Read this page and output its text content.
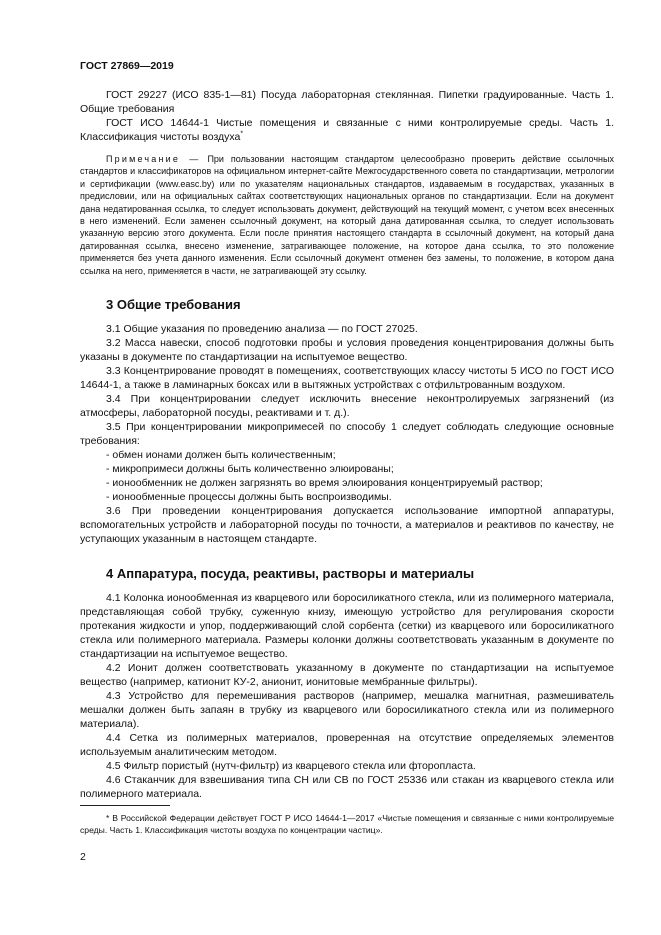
ГОСТ 27869—2019

ГОСТ 29227 (ИСО 835-1—81) Посуда лабораторная стеклянная. Пипетки градуированные. Часть 1. Общие требования

ГОСТ ИСО 14644-1 Чистые помещения и связанные с ними контролируемые среды. Часть 1. Классификация чистоты воздуха*

Примечание — При пользовании настоящим стандартом целесообразно проверить действие ссылочных стандартов и классификаторов на официальном интернет-сайте Межгосударственного совета по стандартизации, метрологии и сертификации (www.easc.by) или по указателям национальных стандартов, издаваемым в государствах, указанных в предисловии, или на официальных сайтах соответствующих национальных органов по стандартизации. Если на документ дана недатированная ссылка, то следует использовать документ, действующий на текущий момент, с учетом всех внесенных в него изменений. Если заменен ссылочный документ, на который дана датированная ссылка, то следует использовать указанную версию этого документа. Если после принятия настоящего стандарта в ссылочный документ, на который дана датированная ссылка, внесено изменение, затрагивающее положение, на которое дана ссылка, то это положение применяется без учета данного изменения. Если ссылочный документ отменен без замены, то положение, в котором дана ссылка на него, применяется в части, не затрагивающей эту ссылку.

3 Общие требования

3.1 Общие указания по проведению анализа — по ГОСТ 27025.

3.2 Масса навески, способ подготовки пробы и условия проведения концентрирования должны быть указаны в документе по стандартизации на испытуемое вещество.

3.3 Концентрирование проводят в помещениях, соответствующих классу чистоты 5 ИСО по ГОСТ ИСО 14644-1, а также в ламинарных боксах или в вытяжных устройствах с отфильтрованным воздухом.

3.4 При концентрировании следует исключить внесение неконтролируемых загрязнений (из атмосферы, лабораторной посуды, реактивами и т. д.).

3.5 При концентрировании микропримесей по способу 1 следует соблюдать следующие основные требования:

- обмен ионами должен быть количественным;

- микропримеси должны быть количественно элюированы;

- ионообменник не должен загрязнять во время элюирования концентрируемый раствор;

- ионообменные процессы должны быть воспроизводимы.

3.6 При проведении концентрирования допускается использование импортной аппаратуры, вспомогательных устройств и лабораторной посуды по точности, а материалов и реактивов по качеству, не уступающих указанным в настоящем стандарте.

4 Аппаратура, посуда, реактивы, растворы и материалы

4.1 Колонка ионообменная из кварцевого или боросиликатного стекла, или из полимерного материала, представляющая собой трубку, суженную книзу, имеющую устройство для регулирования скорости протекания жидкости и упор, поддерживающий слой сорбента (сетки) из кварцевого или боросиликатного стекла или полимерного материала. Размеры колонки должны соответствовать указанным в документе по стандартизации на испытуемое вещество.

4.2 Ионит должен соответствовать указанному в документе по стандартизации на испытуемое вещество (например, катионит КУ-2, анионит, ионитовые мембранные фильтры).

4.3 Устройство для перемешивания растворов (например, мешалка магнитная, размешиватель мешалки должен быть запаян в трубку из кварцевого или боросиликатного стекла или из полимерного материала).

4.4 Сетка из полимерных материалов, проверенная на отсутствие определяемых элементов используемым аналитическим методом.

4.5 Фильтр пористый (нутч-фильтр) из кварцевого стекла или фторопласта.

4.6 Стаканчик для взвешивания типа СН или СВ по ГОСТ 25336 или стакан из кварцевого стекла или полимерного материала.

* В Российской Федерации действует ГОСТ Р ИСО 14644-1—2017 «Чистые помещения и связанные с ними контролируемые среды. Часть 1. Классификация чистоты воздуха по концентрации частиц».

2
